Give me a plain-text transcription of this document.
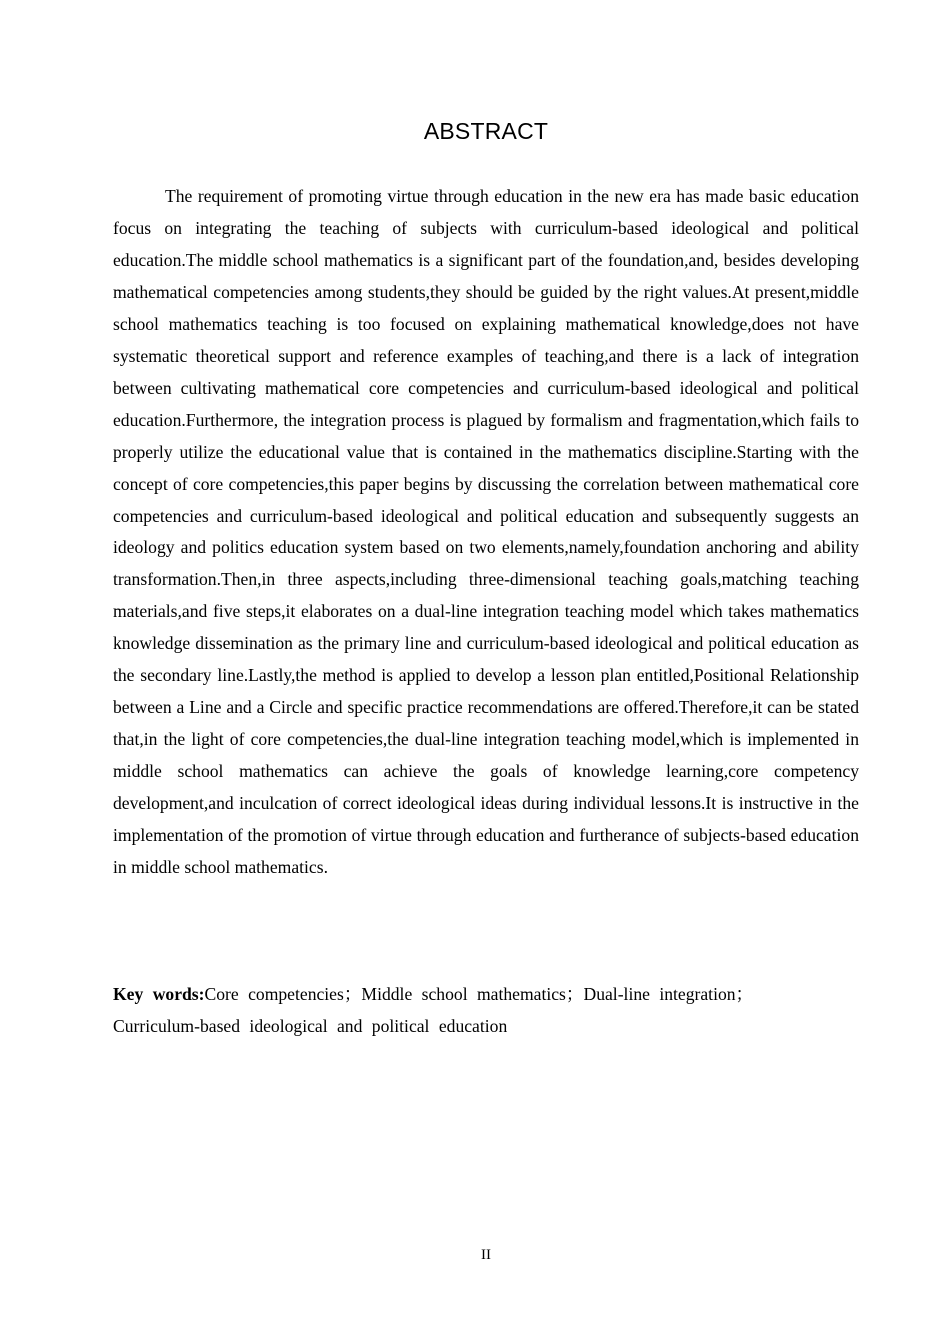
ABSTRACT

The requirement of promoting virtue through education in the new era has made basic education focus on integrating the teaching of subjects with curriculum-based ideological and political education.The middle school mathematics is a significant part of the foundation,and, besides developing mathematical competencies among students,they should be guided by the right values.At present,middle school mathematics teaching is too focused on explaining mathematical knowledge,does not have systematic theoretical support and reference examples of teaching,and there is a lack of integration between cultivating mathematical core competencies and curriculum-based ideological and political education.Furthermore, the integration process is plagued by formalism and fragmentation,which fails to properly utilize the educational value that is contained in the mathematics discipline.Starting with the concept of core competencies,this paper begins by discussing the correlation between mathematical core competencies and curriculum-based ideological and political education and subsequently suggests an ideology and politics education system based on two elements,namely,foundation anchoring and ability transformation.Then,in three aspects,including three-dimensional teaching goals,matching teaching materials,and five steps,it elaborates on a dual-line integration teaching model which takes mathematics knowledge dissemination as the primary line and curriculum-based ideological and political education as the secondary line.Lastly,the method is applied to develop a lesson plan entitled,Positional Relationship between a Line and a Circle and specific practice recommendations are offered.Therefore,it can be stated that,in the light of core competencies,the dual-line integration teaching model,which is implemented in middle school mathematics can achieve the goals of knowledge learning,core competency development,and inculcation of correct ideological ideas during individual lessons.It is instructive in the implementation of the promotion of virtue through education and furtherance of subjects-based education in middle school mathematics.

Key words:Core competencies；Middle school mathematics；Dual-line integration；
Curriculum-based ideological and political education
II
